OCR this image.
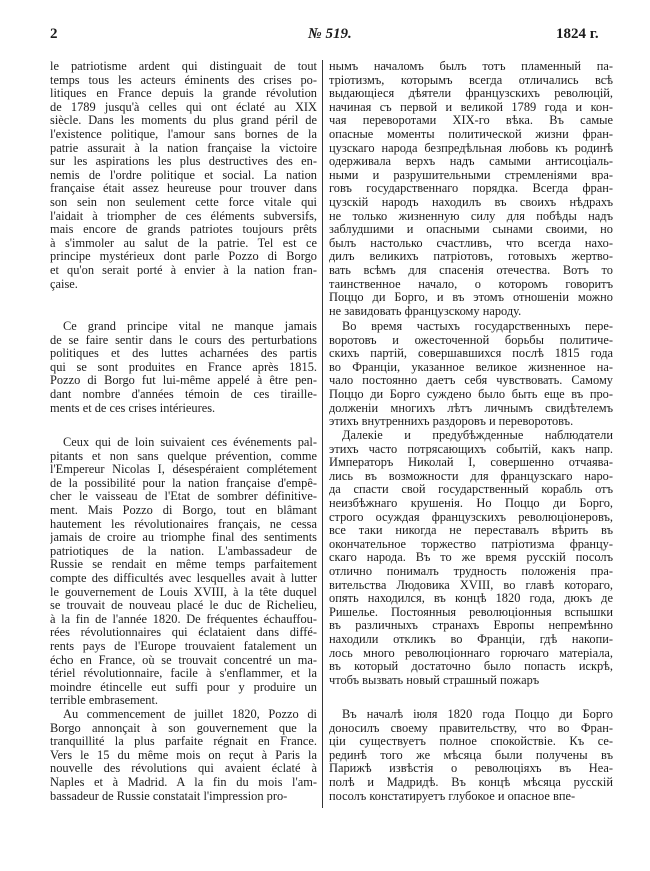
2	№ 519.	1824 г.
le patriotisme ardent qui distinguait de tout
temps tous les acteurs éminents des crises po-
litiques en France depuis la grande révolution
de 1789 jusqu'à celles qui ont éclaté au XIX
siècle. Dans les moments du plus grand péril de
l'existence politique, l'amour sans bornes de la
patrie assurait à la nation française la victoire
sur les aspirations les plus destructives des en-
nemis de l'ordre politique et social. La nation
française était assez heureuse pour trouver dans
son sein non seulement cette force vitale qui
l'aidait à triompher de ces éléments subversifs,
mais encore de grands patriotes toujours prêts
à s'immoler au salut de la patrie. Tel est ce
principe mystérieux dont parle Pozzo di Borgo
et qu'on serait porté à envier à la nation fran-
çaise.
Ce grand principe vital ne manque jamais
de se faire sentir dans le cours des perturbations
politiques et des luttes acharnées des partis
qui se sont produites en France après 1815.
Pozzo di Borgo fut lui-même appelé à être pen-
dant nombre d'années témoin de ces tiraille-
ments et de ces crises intérieures.
Ceux qui de loin suivaient ces événements pal-
pitants et non sans quelque prévention, comme
l'Empereur Nicolas I, désespéraient complétement
de la possibilité pour la nation française d'empê-
cher le vaisseau de l'Etat de sombrer définitive-
ment. Mais Pozzo di Borgo, tout en blâmant
hautement les révolutionaires français, ne cessa
jamais de croire au triomphe final des sentiments
patriotiques de la nation. L'ambassadeur de
Russie se rendait en même temps parfaitement
compte des difficultés avec lesquelles avait à lutter
le gouvernement de Louis XVIII, à la tête duquel
se trouvait de nouveau placé le duc de Richelieu,
à la fin de l'année 1820. De fréquentes échauffou-
rées révolutionnaires qui éclataient dans diffé-
rents pays de l'Europe trouvaient fatalement un
écho en France, où se trouvait concentré un ma-
tériel révolutionnaire, facile à s'enflammer, et la
moindre étincelle eut suffi pour y produire un
terrible embrasement.
Au commencement de juillet 1820, Pozzo di
Borgo annonçait à son gouvernement que la
tranquillité la plus parfaite régnait en France.
Vers le 15 du même mois on reçut à Paris la
nouvelle des révolutions qui avaient éclaté à
Naples et à Madrid. A la fin du mois l'am-
bassadeur de Russie constatait l'impression pro-
нымъ началомъ былъ тотъ пламенный па-
тріотизмъ, которымъ всегда отличались всѣ
выдающіеся дѣятели французскихъ революцій,
начиная съ первой и великой 1789 года и кон-
чая переворотами XIX-го вѣка. Въ самые
опасные моменты политической жизни фран-
цузскаго народа безпредѣльная любовь къ родинѣ
одерживала верхъ надъ самыми антисоціаль-
ными и разрушительными стремленіями вра-
говъ государственнаго порядка. Всегда фран-
цузскій народъ находилъ въ своихъ нѣдрахъ
не только жизненную силу для побѣды надъ
заблудшими и опасными сынами своими, но
былъ настолько счастливъ, что всегда нахо-
дилъ великихъ патріотовъ, готовыхъ жертво-
вать всѣмъ для спасенія отечества. Вотъ то
таинственное начало, о которомъ говоритъ
Поццо ди Борго, и въ этомъ отношеніи можно
не завидовать французскому народу.
Во время частыхъ государственныхъ пере-
воротовъ и ожесточенной борьбы политиче-
скихъ партій, совершавшихся послѣ 1815 года
во Франціи, указанное великое жизненное на-
чало постоянно даетъ себя чувствовать. Самому
Поццо ди Борго суждено было быть еще въ про-
долженіи многихъ лѣтъ личнымъ свидѣтелемъ
этихъ внутреннихъ раздоровъ и переворотовъ.
Далекіе и предубѣжденные наблюдатели
этихъ часто потрясающихъ событій, какъ напр.
Императоръ Николай I, совершенно отчаява-
лись въ возможности для французскаго наро-
да спасти свой государственный корабль отъ
неизбѣжнаго крушенія. Но Поццо ди Борго,
строго осуждая французскихъ революціонеровъ,
все таки никогда не переставалъ вѣрить въ
окончательное торжество патріотизма францу-
скаго народа. Въ то же время русскій посолъ
отлично понималъ трудность положенія пра-
вительства Людовика XVIII, во главѣ котораго,
опять находился, въ концѣ 1820 года, дюкъ де
Ришелье. Постоянныя революціонныя вспышки
въ различныхъ странахъ Европы непремѣнно
находили откликъ во Франціи, гдѣ накопи-
лось много революціоннаго горючаго матеріала,
въ который достаточно было попасть искрѣ,
чтобъ вызвать новый страшный пожаръ
Въ началѣ іюля 1820 года Поццо ди Борго
доносилъ своему правительству, что во Фран-
ціи существуетъ полное спокойствіе. Къ се-
рединѣ того же мѣсяца были получены въ
Парижѣ извѣстія о революціяхъ въ Неа-
полѣ и Мадридѣ. Въ концѣ мѣсяца русскій
посолъ констатируетъ глубокое и опасное впе-
